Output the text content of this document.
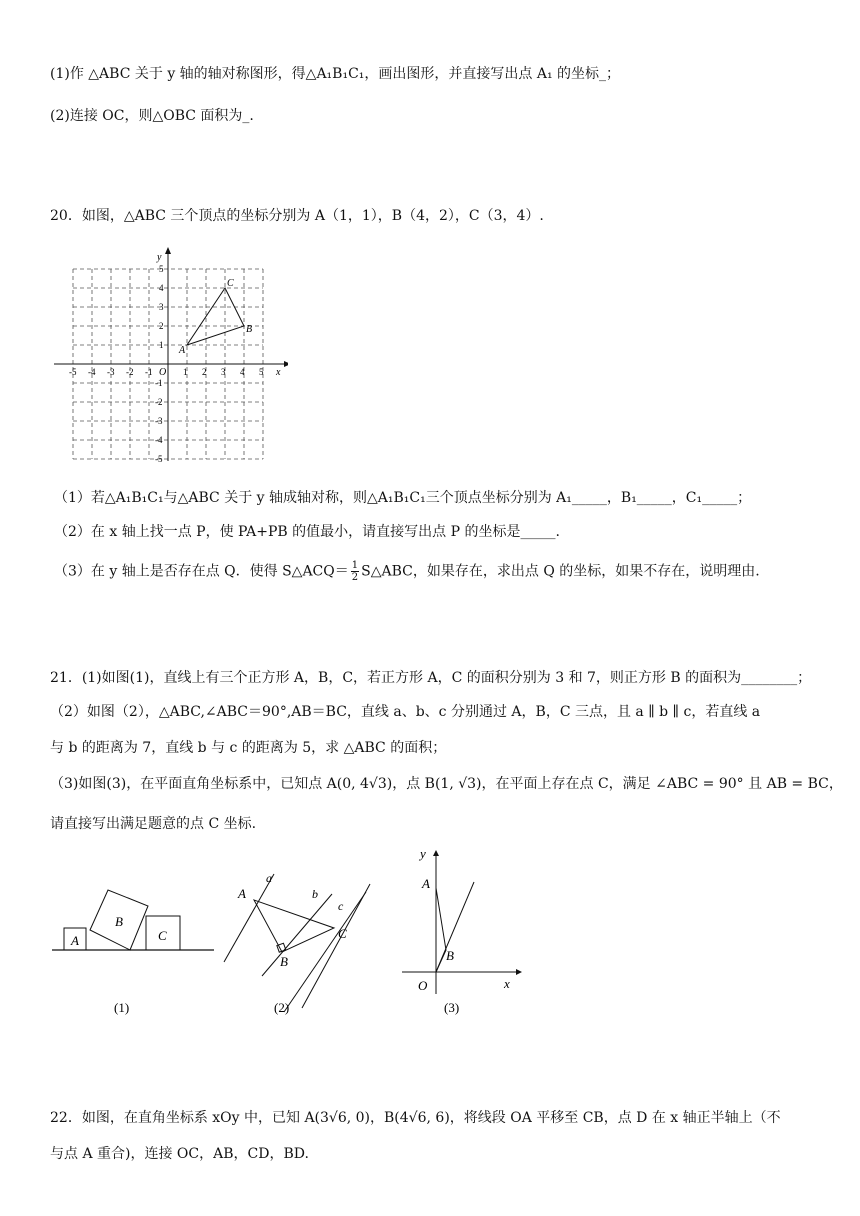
(1)作 △ABC 关于 y 轴的轴对称图形，得△A₁B₁C₁，画出图形，并直接写出点 A₁ 的坐标_；
(2)连接 OC，则△OBC 面积为_.
20．如图，△ABC 三个顶点的坐标分别为 A（1，1），B（4，2），C（3，4）.
-5 -4 -3 -2 -1	1 2 3 4 5
5
4
3
2
1
-1
-2
-3
-4
-5
A
B
C
x
y
O
（1）若△A₁B₁C₁与△ABC 关于 y 轴成轴对称，则△A₁B₁C₁三个顶点坐标分别为 A₁_____，B₁_____，C₁_____；
（2）在 x 轴上找一点 P，使 PA+PB 的值最小，请直接写出点 P 的坐标是_____.
（3）在 y 轴上是否存在点 Q．使得 S△ACQ＝ $\frac{1}{2}$ S△ABC，如果存在，求出点 Q 的坐标，如果不存在，说明理由.
21．(1)如图(1)，直线上有三个正方形 A，B，C，若正方形 A，C 的面积分别为 3 和 7，则正方形 B 的面积为________；
（2）如图（2），△ABC,∠ABC＝90°,AB＝BC，直线 a、b、c 分别通过 A，B，C 三点，且 a ∥ b ∥ c，若直线 a
与 b 的距离为 7，直线 b 与 c 的距离为 5，求 △ABC 的面积；
（3)如图(3)，在平面直角坐标系中，已知点 A(0, 4√3)，点 B(1, √3)，在平面上存在点 C，满足 ∠ABC = 90° 且 AB = BC，
请直接写出满足题意的点 C 坐标.
A
B
C
(1)
A
B
C
a
b
c
(2)
y
x
O
A
B
(3)
22．如图，在直角坐标系 xOy 中，已知 A(3√6, 0)，B(4√6, 6)，将线段 OA 平移至 CB，点 D 在 x 轴正半轴上（不
与点 A 重合)，连接 OC，AB，CD，BD.
